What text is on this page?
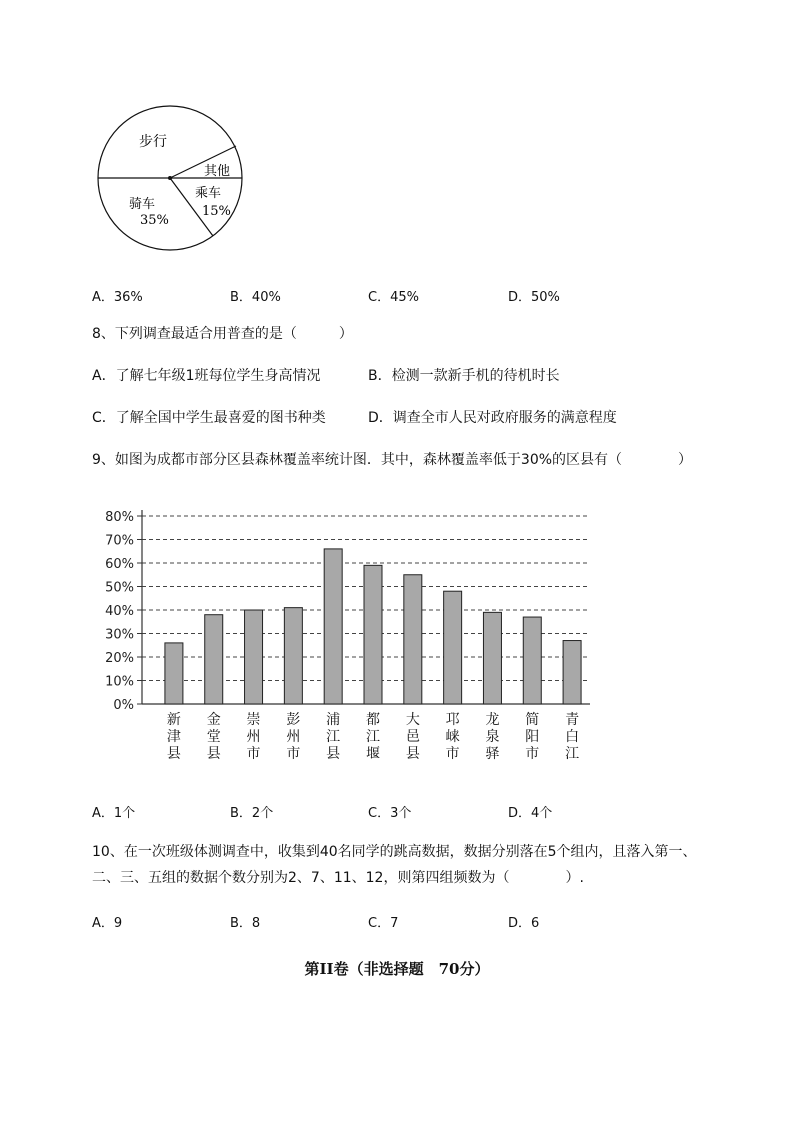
步行
其他
乘车
15%
骑车
35%
A．36%	B．40%	C．45%	D．50%
8、下列调查最适合用普查的是（　　　）
A．了解七年级1班每位学生身高情况	B．检测一款新手机的待机时长
C．了解全国中学生最喜爱的图书种类	D．调查全市人民对政府服务的满意程度
9、如图为成都市部分区县森林覆盖率统计图．其中，森林覆盖率低于30%的区县有（　　　　）
0%
10%
20%
30%
40%
50%
60%
70%
80%
新
津
县
金
堂
县
崇
州
市
彭
州
市
浦
江
县
都
江
堰
大
邑
县
邛
崃
市
龙
泉
驿
简
阳
市
青
白
江
A．1个	B．2个	C．3个	D．4个
10、在一次班级体测调查中，收集到40名同学的跳高数据，数据分别落在5个组内，且落入第一、
二、三、五组的数据个数分别为2、7、11、12，则第四组频数为（　　　　）.
A．9	B．8	C．7	D．6
第II卷（非选择题　70分）
